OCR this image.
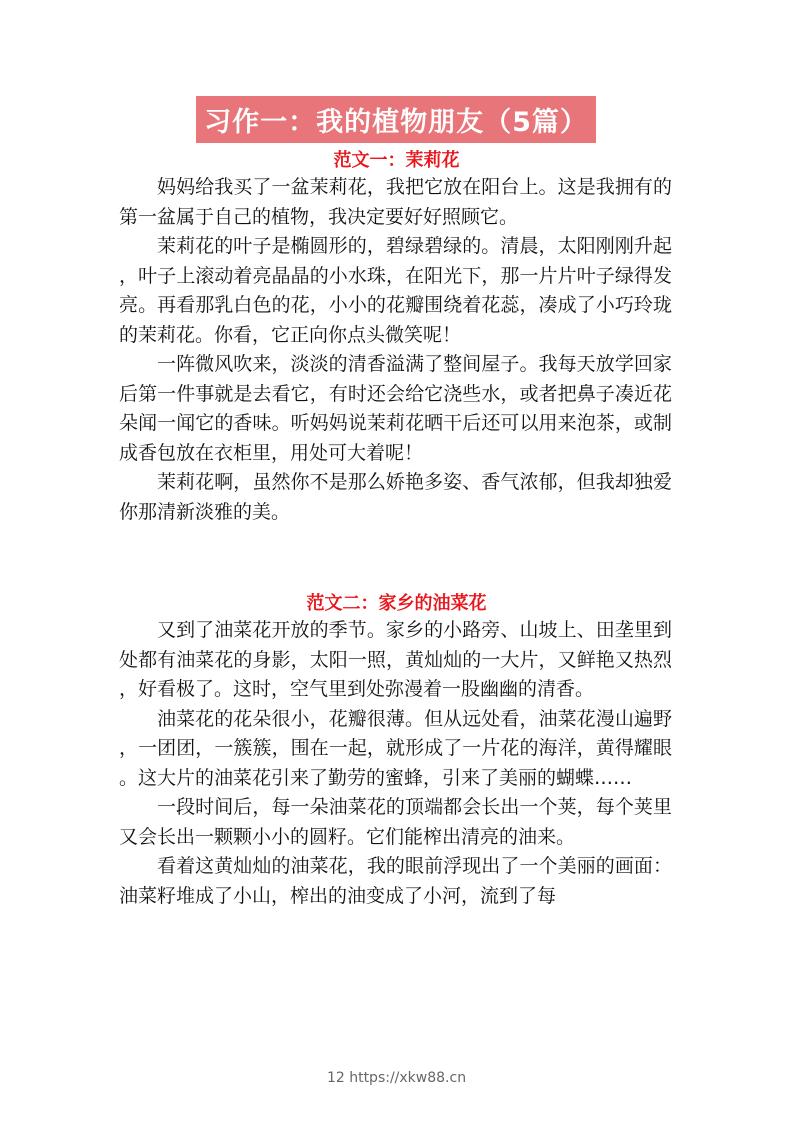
习作一：我的植物朋友（5篇）
范文一：茉莉花

妈妈给我买了一盆茉莉花，我把它放在阳台上。这是我拥有的第一盆属于自己的植物，我决定要好好照顾它。

茉莉花的叶子是椭圆形的，碧绿碧绿的。清晨，太阳刚刚升起，叶子上滚动着亮晶晶的小水珠，在阳光下，那一片片叶子绿得发亮。再看那乳白色的花，小小的花瓣围绕着花蕊，凑成了小巧玲珑的茉莉花。你看，它正向你点头微笑呢！

一阵微风吹来，淡淡的清香溢满了整间屋子。我每天放学回家后第一件事就是去看它，有时还会给它浇些水，或者把鼻子凑近花朵闻一闻它的香味。听妈妈说茉莉花晒干后还可以用来泡茶，或制成香包放在衣柜里，用处可大着呢！

茉莉花啊，虽然你不是那么娇艳多姿、香气浓郁，但我却独爱你那清新淡雅的美。

范文二：家乡的油菜花

又到了油菜花开放的季节。家乡的小路旁、山坡上、田垄里到处都有油菜花的身影，太阳一照，黄灿灿的一大片，又鲜艳又热烈，好看极了。这时，空气里到处弥漫着一股幽幽的清香。

油菜花的花朵很小，花瓣很薄。但从远处看，油菜花漫山遍野，一团团，一簇簇，围在一起，就形成了一片花的海洋，黄得耀眼。这大片的油菜花引来了勤劳的蜜蜂，引来了美丽的蝴蝶……

一段时间后，每一朵油菜花的顶端都会长出一个荚，每个荚里又会长出一颗颗小小的圆籽。它们能榨出清亮的油来。

看着这黄灿灿的油菜花，我的眼前浮现出了一个美丽的画面：油菜籽堆成了小山，榨出的油变成了小河，流到了每

12 https://xkw88.cn
